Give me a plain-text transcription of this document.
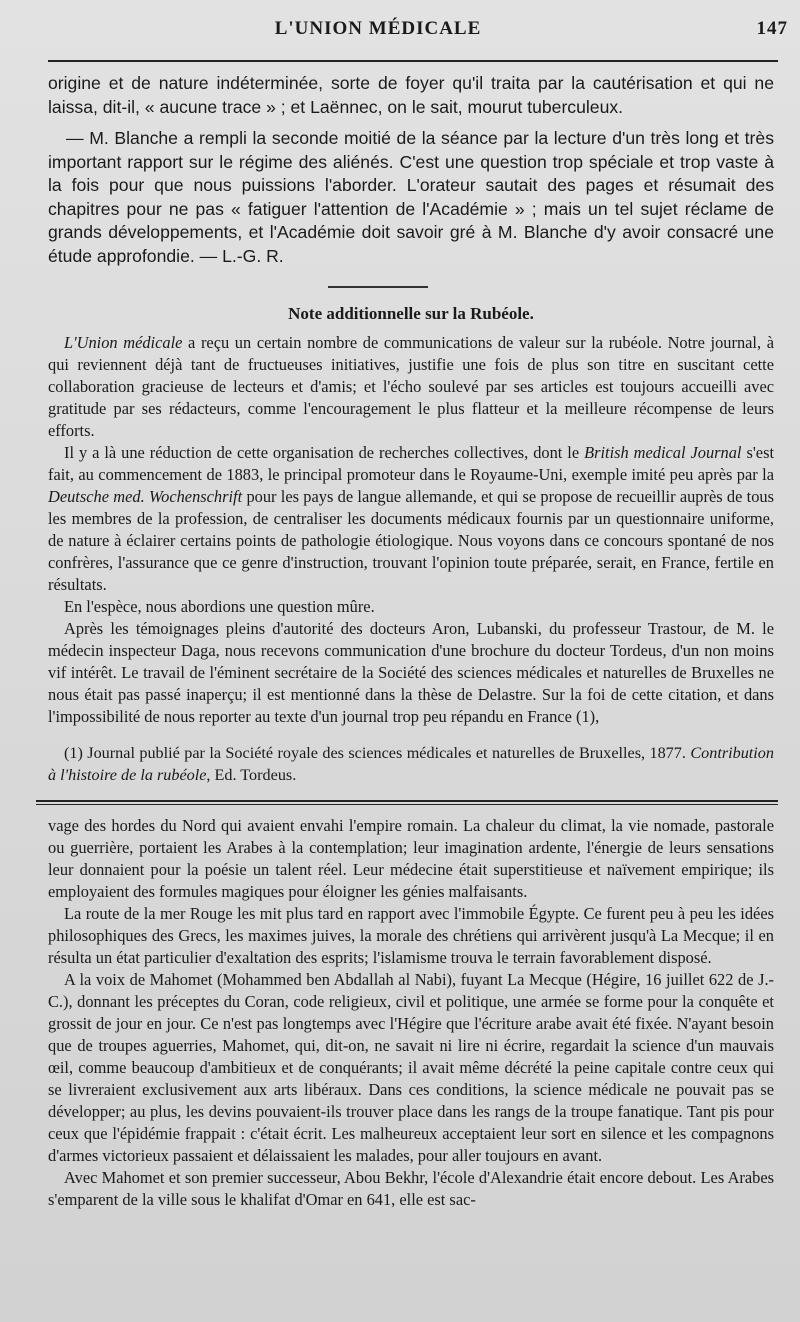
L'UNION MÉDICALE	147

origine et de nature indéterminée, sorte de foyer qu'il traita par la cautérisation et qui ne laissa, dit-il, « aucune trace » ; et Laënnec, on le sait, mourut tuberculeux.

— M. Blanche a rempli la seconde moitié de la séance par la lecture d'un très long et très important rapport sur le régime des aliénés. C'est une question trop spéciale et trop vaste à la fois pour que nous puissions l'aborder. L'orateur sautait des pages et résumait des chapitres pour ne pas « fatiguer l'attention de l'Académie » ; mais un tel sujet réclame de grands développements, et l'Académie doit savoir gré à M. Blanche d'y avoir consacré une étude approfondie. — L.-G. R.

Note additionnelle sur la Rubéole.

L'Union médicale a reçu un certain nombre de communications de valeur sur la rubéole. Notre journal, à qui reviennent déjà tant de fructueuses initiatives, justifie une fois de plus son titre en suscitant cette collaboration gracieuse de lecteurs et d'amis; et l'écho soulevé par ses articles est toujours accueilli avec gratitude par ses rédacteurs, comme l'encouragement le plus flatteur et la meilleure récompense de leurs efforts.

Il y a là une réduction de cette organisation de recherches collectives, dont le British medical Journal s'est fait, au commencement de 1883, le principal promoteur dans le Royaume-Uni, exemple imité peu après par la Deutsche med. Wochenschrift pour les pays de langue allemande, et qui se propose de recueillir auprès de tous les membres de la profession, de centraliser les documents médicaux fournis par un questionnaire uniforme, de nature à éclairer certains points de pathologie étiologique. Nous voyons dans ce concours spontané de nos confrères, l'assurance que ce genre d'instruction, trouvant l'opinion toute préparée, serait, en France, fertile en résultats.

En l'espèce, nous abordions une question mûre.

Après les témoignages pleins d'autorité des docteurs Aron, Lubanski, du professeur Trastour, de M. le médecin inspecteur Daga, nous recevons communication d'une brochure du docteur Tordeus, d'un non moins vif intérêt. Le travail de l'éminent secrétaire de la Société des sciences médicales et naturelles de Bruxelles ne nous était pas passé inaperçu; il est mentionné dans la thèse de Delastre. Sur la foi de cette citation, et dans l'impossibilité de nous reporter au texte d'un journal trop peu répandu en France (1),

(1) Journal publié par la Société royale des sciences médicales et naturelles de Bruxelles, 1877. Contribution à l'histoire de la rubéole, Ed. Tordeus.

vage des hordes du Nord qui avaient envahi l'empire romain. La chaleur du climat, la vie nomade, pastorale ou guerrière, portaient les Arabes à la contemplation; leur imagination ardente, l'énergie de leurs sensations leur donnaient pour la poésie un talent réel. Leur médecine était superstitieuse et naïvement empirique; ils employaient des formules magiques pour éloigner les génies malfaisants.

La route de la mer Rouge les mit plus tard en rapport avec l'immobile Égypte. Ce furent peu à peu les idées philosophiques des Grecs, les maximes juives, la morale des chrétiens qui arrivèrent jusqu'à La Mecque; il en résulta un état particulier d'exaltation des esprits; l'islamisme trouva le terrain favorablement disposé.

A la voix de Mahomet (Mohammed ben Abdallah al Nabi), fuyant La Mecque (Hégire, 16 juillet 622 de J.-C.), donnant les préceptes du Coran, code religieux, civil et politique, une armée se forme pour la conquête et grossit de jour en jour. Ce n'est pas longtemps avec l'Hégire que l'écriture arabe avait été fixée. N'ayant besoin que de troupes aguerries, Mahomet, qui, dit-on, ne savait ni lire ni écrire, regardait la science d'un mauvais œil, comme beaucoup d'ambitieux et de conquérants; il avait même décrété la peine capitale contre ceux qui se livreraient exclusivement aux arts libéraux. Dans ces conditions, la science médicale ne pouvait pas se développer; au plus, les devins pouvaient-ils trouver place dans les rangs de la troupe fanatique. Tant pis pour ceux que l'épidémie frappait : c'était écrit. Les malheureux acceptaient leur sort en silence et les compagnons d'armes victorieux passaient et délaissaient les malades, pour aller toujours en avant.

Avec Mahomet et son premier successeur, Abou Bekhr, l'école d'Alexandrie était encore debout. Les Arabes s'emparent de la ville sous le khalifat d'Omar en 641, elle est sac-
